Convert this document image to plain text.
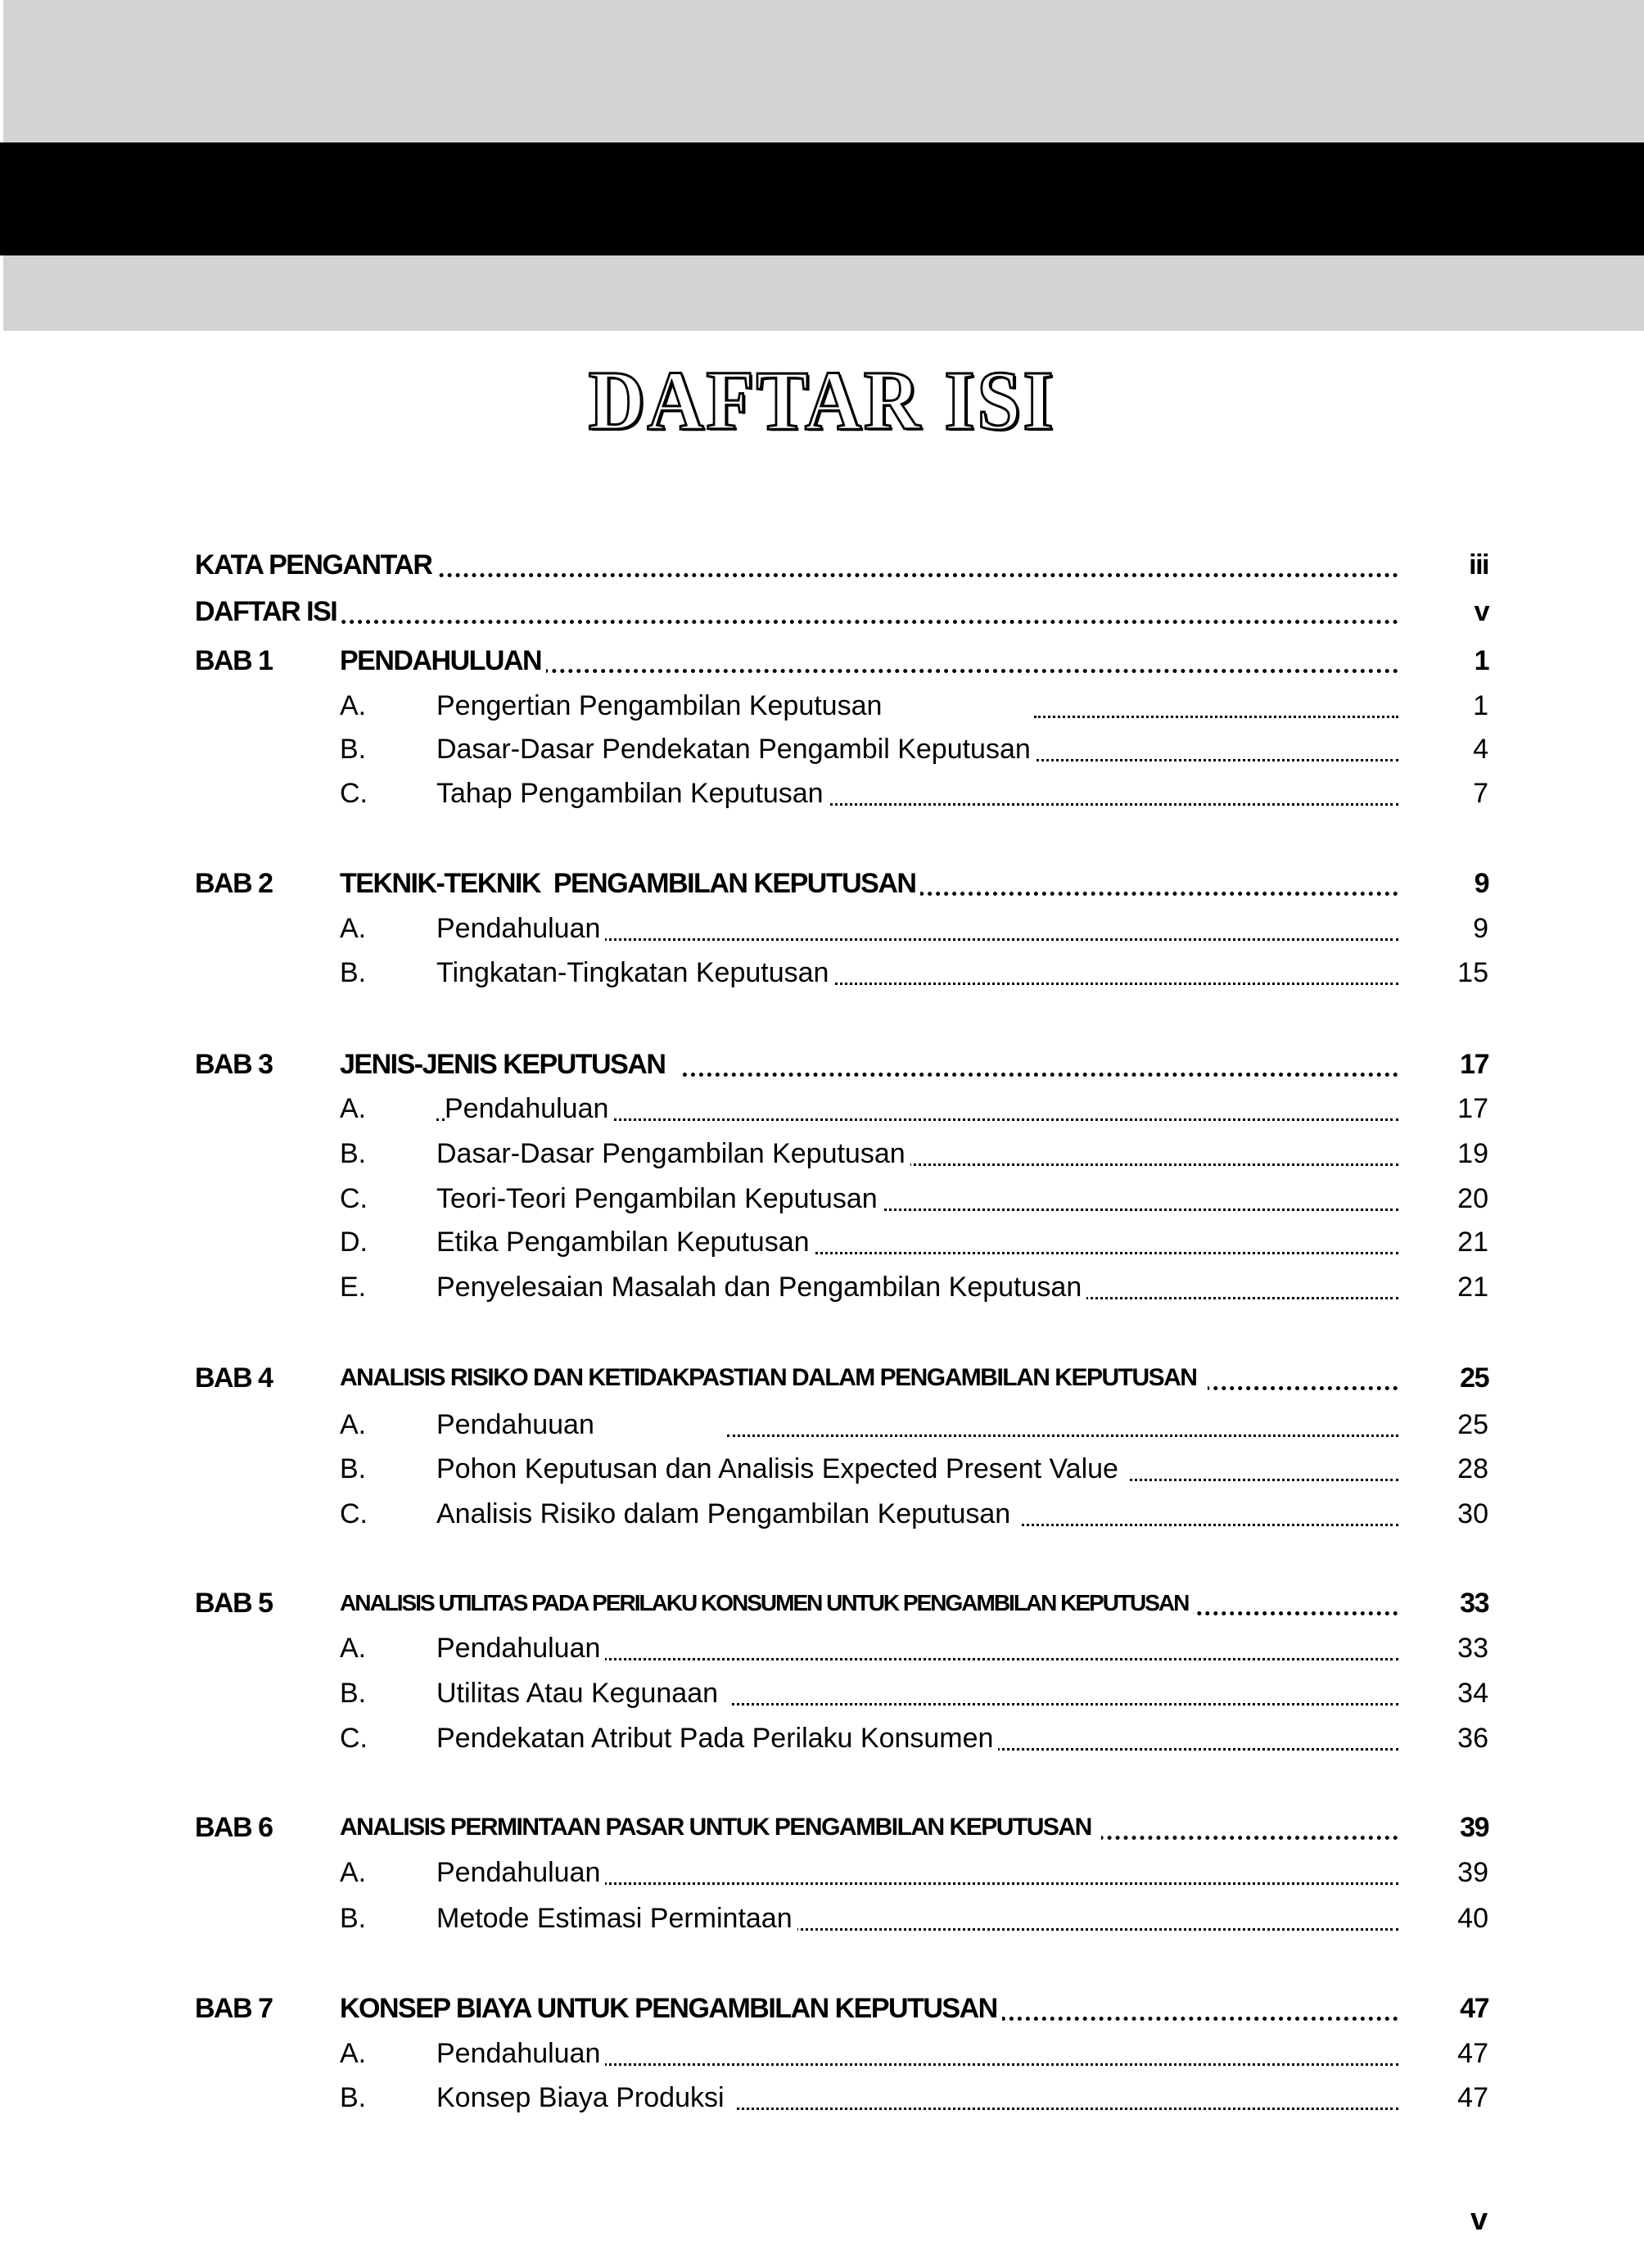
DAFTAR ISI
KATA PENGANTAR	iii
DAFTAR ISI	v
BAB 1 PENDAHULUAN	1
A.	Pengertian Pengambilan Keputusan	1
B.	Dasar-Dasar Pendekatan Pengambil Keputusan	4
C. Tahap Pengambilan Keputusan	7
BAB 2 TEKNIK-TEKNIK  PENGAMBILAN KEPUTUSAN	9
A.	Pendahuluan	9
B.	Tingkatan-Tingkatan Keputusan	15
BAB 3 JENIS-JENIS KEPUTUSAN	17
A.	Pendahuluan	17
B.	Dasar-Dasar Pengambilan Keputusan	19
C. Teori-Teori Pengambilan Keputusan	20
D. Etika Pengambilan Keputusan	21
E.	Penyelesaian Masalah dan Pengambilan Keputusan	21
BAB 4	ANALISIS RISIKO DAN KETIDAKPASTIAN DALAM PENGAMBILAN KEPUTUSAN	25
A.	Pendahuuan	25
B.	Pohon Keputusan dan Analisis Expected Present Value	28
C. Analisis Risiko dalam Pengambilan Keputusan	30
BAB 5	ANALISIS UTILITAS PADA PERILAKU KONSUMEN UNTUK PENGAMBILAN KEPUTUSAN	33
A.	Pendahuluan	33
B.	Utilitas Atau Kegunaan	34
C. Pendekatan Atribut Pada Perilaku Konsumen	36
BAB 6	ANALISIS PERMINTAAN PASAR UNTUK PENGAMBILAN KEPUTUSAN	39
A.	Pendahuluan	39
B.	Metode Estimasi Permintaan	40
BAB 7 KONSEP BIAYA UNTUK PENGAMBILAN KEPUTUSAN	47
A.	Pendahuluan	47
B.	Konsep Biaya Produksi	47
v
